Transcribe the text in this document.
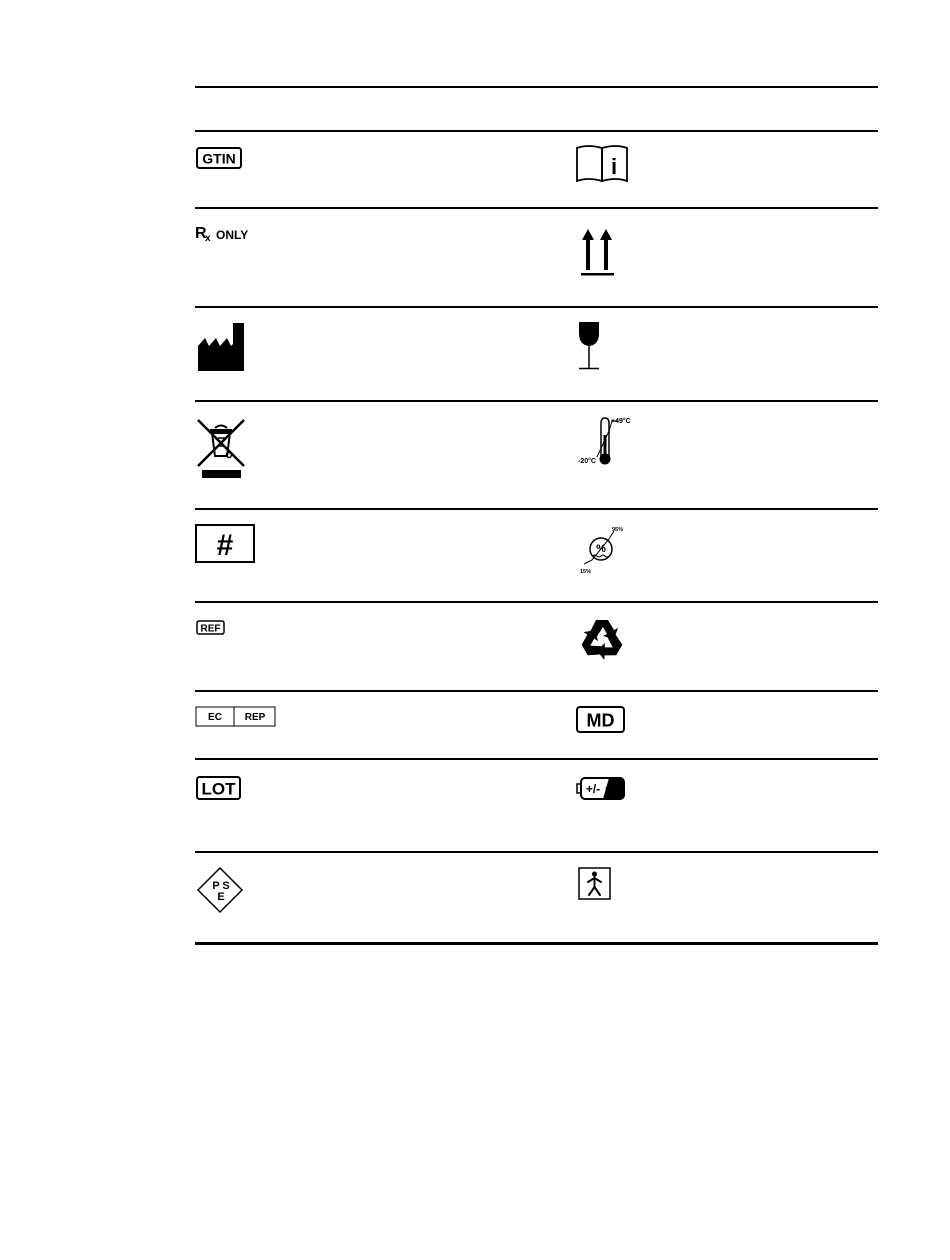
GTIN
R
x ONLY
#
REF
EC REP
LOT
P S
E
i
+49°C
-20°C
%
95%
15%
MD
+/-
